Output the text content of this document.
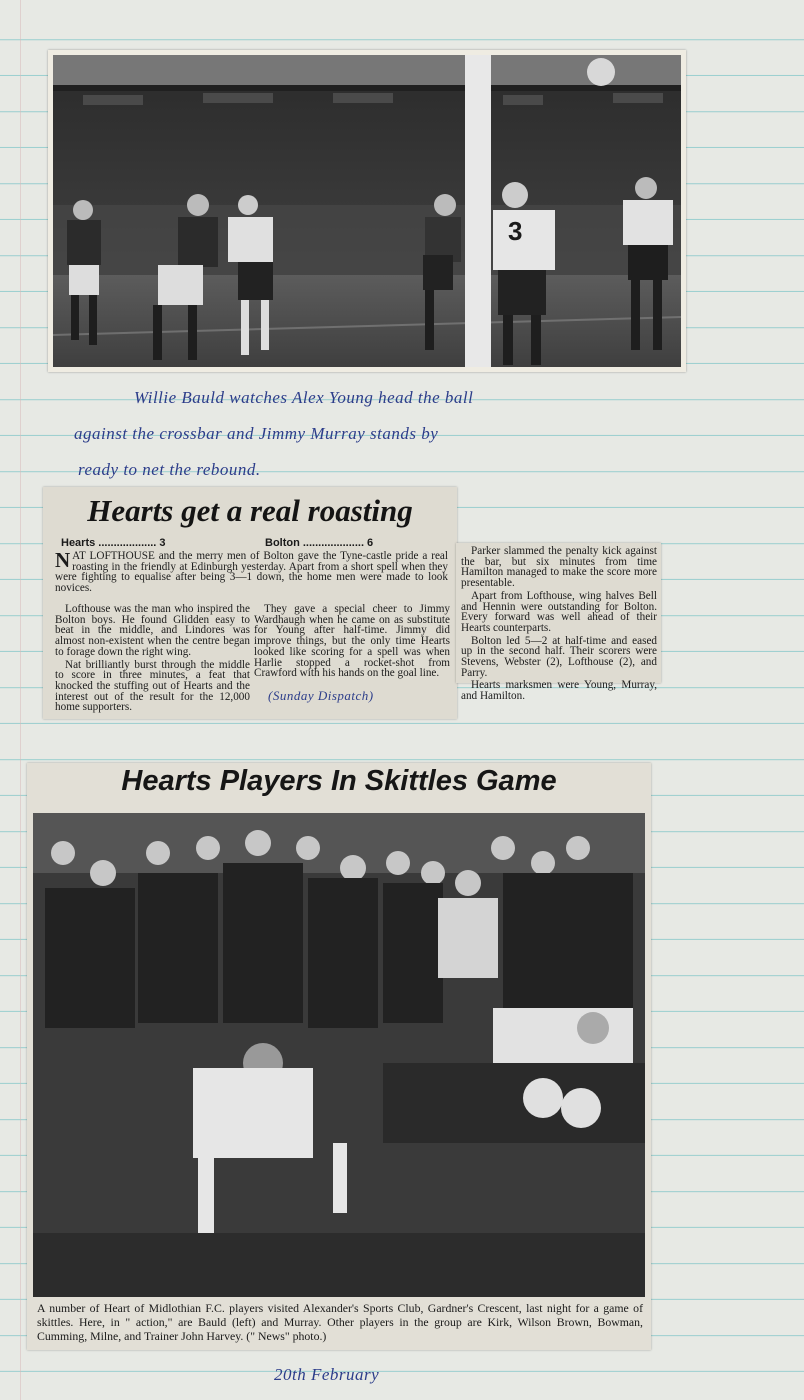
3
Willie Bauld watches Alex Young head the ball
against the crossbar and Jimmy Murray stands by
ready to net the rebound.
Hearts get a real roasting
Hearts ................... 3	Bolton .................... 6
NAT LOFTHOUSE and the merry men of Bolton gave the Tyne-castle pride a real roasting in the friendly at Edinburgh yesterday. Apart from a short spell when they were fighting to equalise after being 3—1 down, the home men were made to look novices.

Lofthouse was the man who inspired the Bolton boys. He found Glidden easy to beat in the middle, and Lindores was almost non-existent when the centre began to forage down the right wing.

Nat brilliantly burst through the middle to score in three minutes, a feat that knocked the stuffing out of Hearts and the interest out of the result for the 12,000 home supporters.

They gave a special cheer to Jimmy Wardhaugh when he came on as substitute for Young after half-time. Jimmy did improve things, but the only time Hearts looked like scoring for a spell was when Harlie stopped a rocket-shot from Crawford with his hands on the goal line.

Parker slammed the penalty kick against the bar, but six minutes from time Hamilton managed to make the score more presentable.

Apart from Lofthouse, wing halves Bell and Hennin were outstanding for Bolton. Every forward was well ahead of their Hearts counterparts.

Bolton led 5—2 at half-time and eased up in the second half. Their scorers were Stevens, Webster (2), Lofthouse (2), and Parry.

Hearts marksmen were Young, Murray, and Hamilton.

(Sunday Dispatch)
Hearts Players In Skittles Game
A number of Heart of Midlothian F.C. players visited Alexander's Sports Club, Gardner's Crescent, last night for a game of skittles. Here, in " action," are Bauld (left) and Murray. Other players in the group are Kirk, Wilson Brown, Bowman, Cumming, Milne, and Trainer John Harvey. (" News" photo.)
20th February
